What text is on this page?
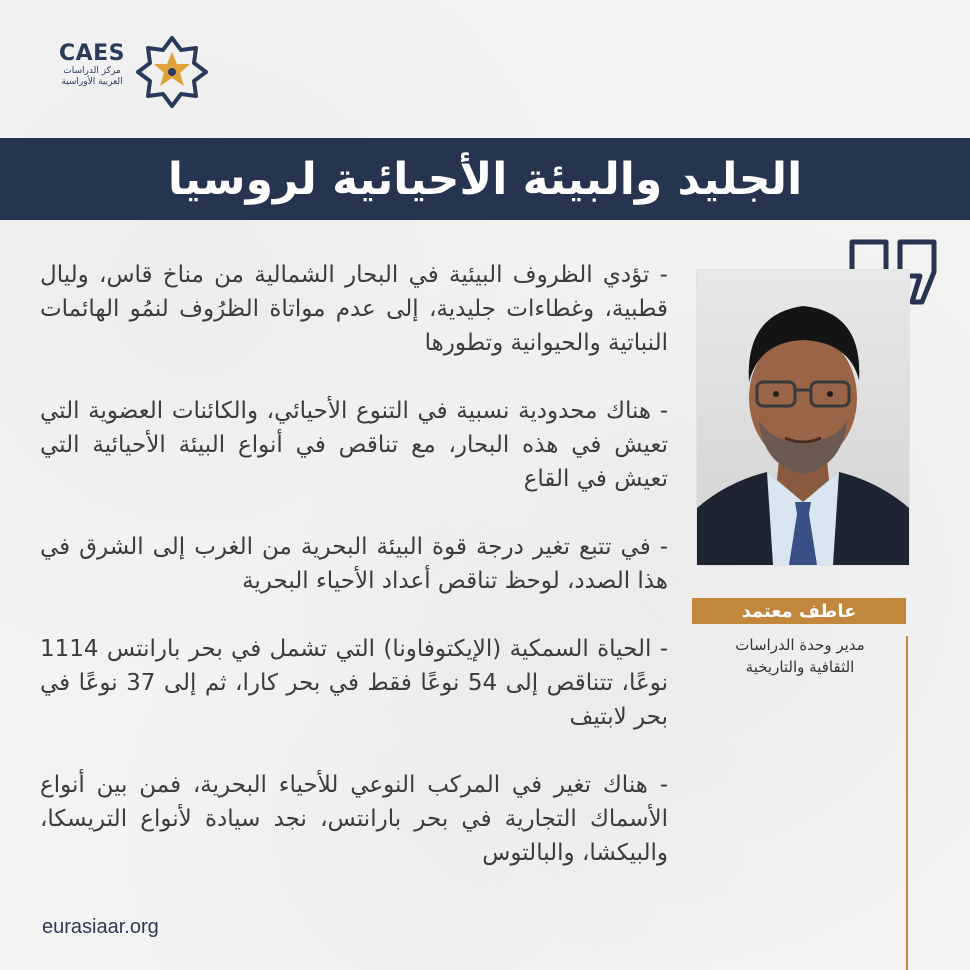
CAES
مركز الدراسات
العربية الأوراسية
الجليد والبيئة الأحيائية لروسيا

- تؤدي الظروف البيئية في البحار الشمالية من مناخ قاس، وليال قطبية، وغطاءات جليدية، إلى عدم مواتاة الظرُوف لنمُو الهائمات النباتية والحيوانية وتطورها

- هناك محدودية نسبية في التنوع الأحيائي، والكائنات العضوية التي تعيش في هذه البحار، مع تناقص في أنواع البيئة الأحيائية التي تعيش في القاع

- في تتبع تغير درجة قوة البيئة البحرية من الغرب إلى الشرق في هذا الصدد، لوحظ تناقص أعداد الأحياء البحرية

- الحياة السمكية (الإيكتوفاونا) التي تشمل في بحر بارانتس 1114 نوعًا، تتناقص إلى 54 نوعًا فقط في بحر كارا، ثم إلى 37 نوعًا في بحر لابتيف

- هناك تغير في المركب النوعي للأحياء البحرية، فمن بين أنواع الأسماك التجارية في بحر بارانتس، نجد سيادة لأنواع التريسكا، والبيكشا، والبالتوس

عاطف معتمد
مدير وحدة الدراسات
الثقافية والتاريخية
eurasiaar.org
